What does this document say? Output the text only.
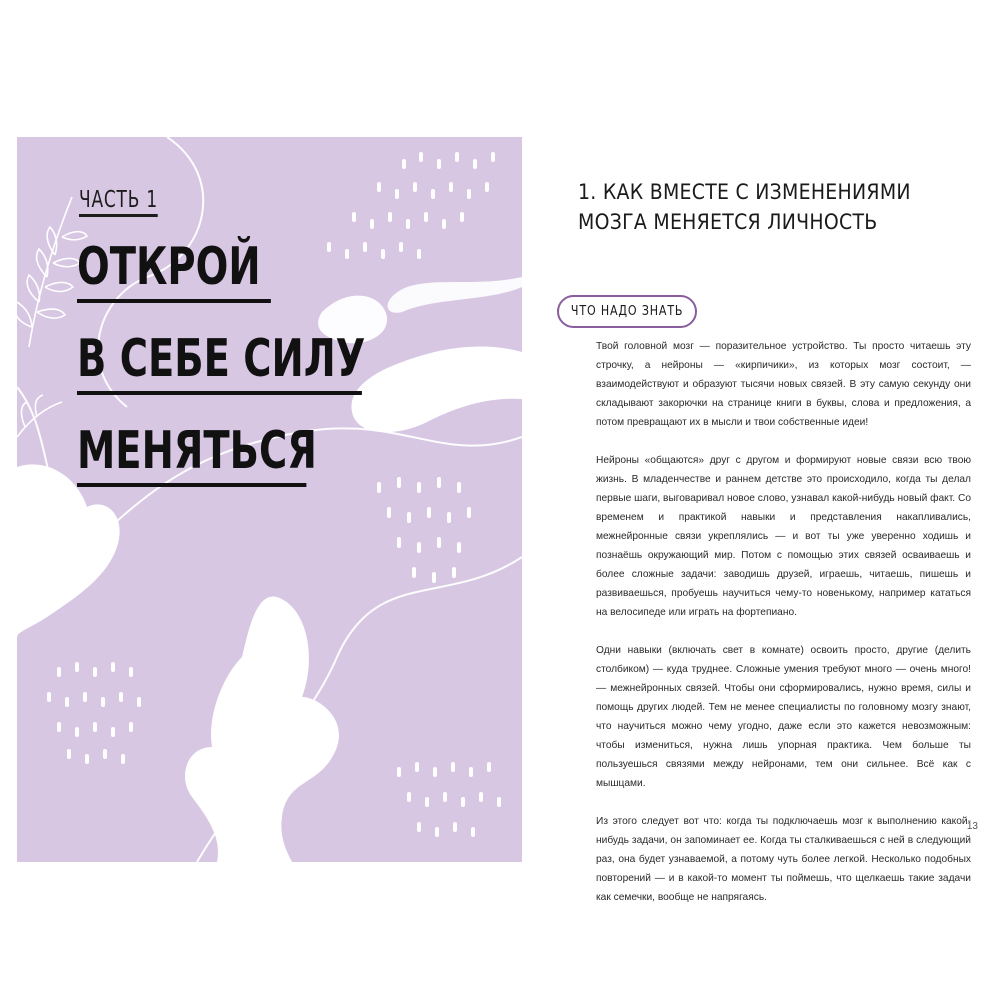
ЧАСТЬ 1
ОТКРОЙ
В СЕБЕ СИЛУ
МЕНЯТЬСЯ
1. КАК ВМЕСТЕ С ИЗМЕНЕНИЯМИ
МОЗГА МЕНЯЕТСЯ ЛИЧНОСТЬ
ЧТО НАДО ЗНАТЬ

Твой головной мозг — поразительное устройство. Ты просто читаешь эту строчку, а нейроны — «кирпичики», из которых мозг состоит, — взаимодействуют и образуют тысячи новых связей. В эту самую секунду они складывают закорючки на странице книги в буквы, слова и предложения, а потом превращают их в мысли и твои собственные идеи!

Нейроны «общаются» друг с другом и формируют новые связи всю твою жизнь. В младенчестве и раннем детстве это происходило, когда ты делал первые шаги, выговаривал новое слово, узнавал какой-нибудь новый факт. Со временем и практикой навыки и представления накапливались, межнейронные связи укреплялись — и вот ты уже уверенно ходишь и познаёшь окружающий мир. Потом с помощью этих связей осваиваешь и более сложные задачи: заводишь друзей, играешь, читаешь, пишешь и развиваешься, пробуешь научиться чему-то новенькому, например кататься на велосипеде или играть на фортепиано.

Одни навыки (включать свет в комнате) освоить просто, другие (делить столбиком) — куда труднее. Сложные умения требуют много — очень много! — межнейронных связей. Чтобы они сформировались, нужно время, силы и помощь других людей. Тем не менее специалисты по головному мозгу знают, что научиться можно чему угодно, даже если это кажется невозможным: чтобы измениться, нужна лишь упорная практика. Чем больше ты пользуешься связями между нейронами, тем они сильнее. Всё как с мышцами.

Из этого следует вот что: когда ты подключаешь мозг к выполнению какой-нибудь задачи, он запоминает ее. Когда ты сталкиваешься с ней в следующий раз, она будет узнаваемой, а потому чуть более легкой. Несколько подобных повторений — и в какой-то момент ты поймешь, что щелкаешь такие задачи как семечки, вообще не напрягаясь.

13
